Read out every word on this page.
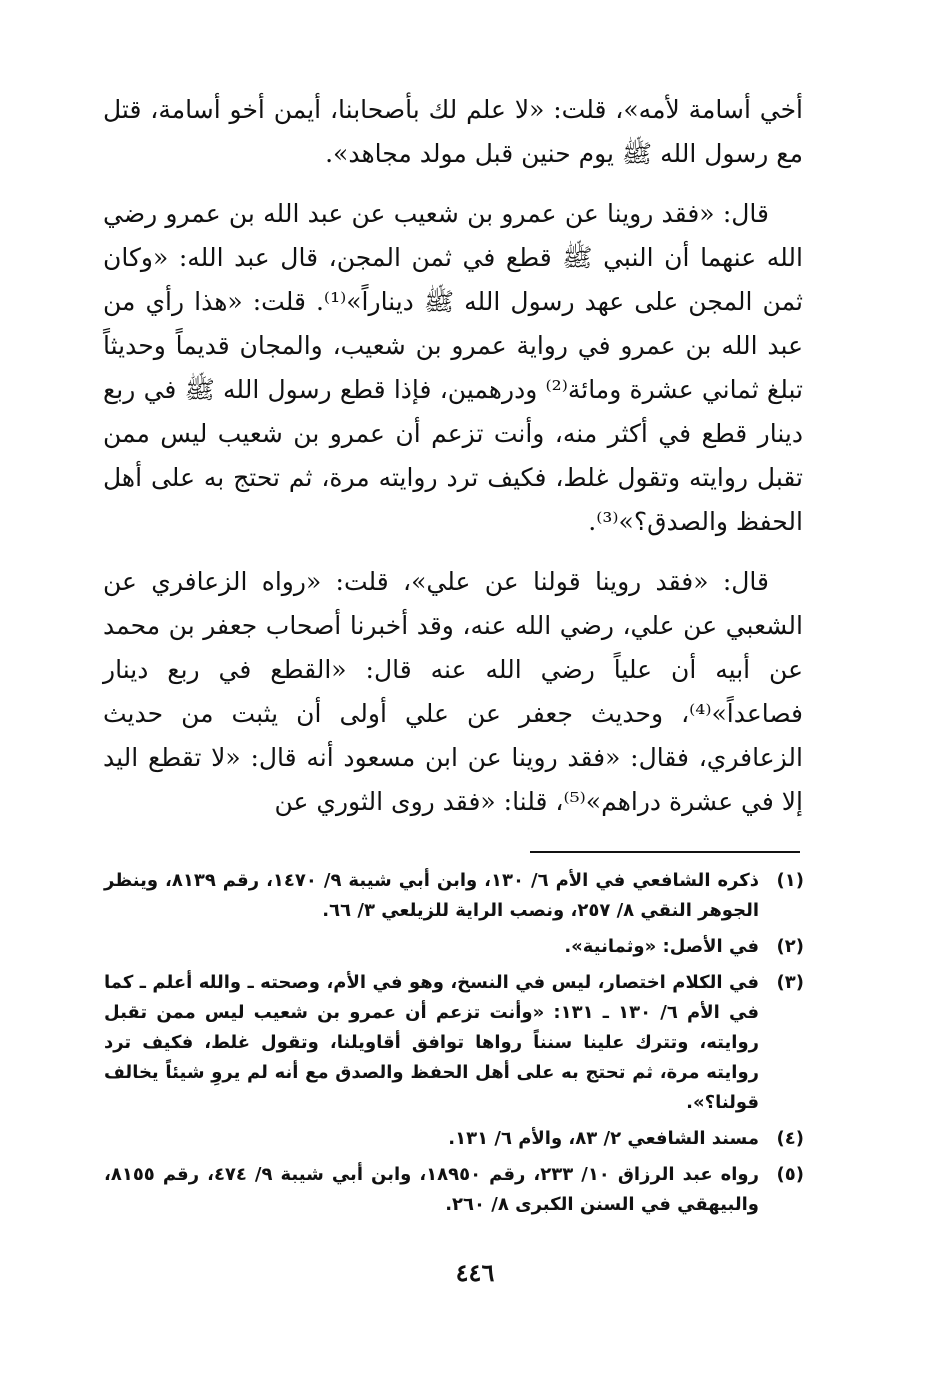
أخي أسامة لأمه»، قلت: «لا علم لك بأصحابنا، أيمن أخو أسامة، قتل مع رسول الله ﷺ يوم حنين قبل مولد مجاهد».
قال: «فقد روينا عن عمرو بن شعيب عن عبد الله بن عمرو رضي الله عنهما أن النبي ﷺ قطع في ثمن المجن، قال عبد الله: «وكان ثمن المجن على عهد رسول الله ﷺ ديناراً»⁽¹⁾. قلت: «هذا رأي من عبد الله بن عمرو في رواية عمرو بن شعيب، والمجان قديماً وحديثاً تبلغ ثماني عشرة ومائة⁽²⁾ ودرهمين، فإذا قطع رسول الله ﷺ في ربع دينار قطع في أكثر منه، وأنت تزعم أن عمرو بن شعيب ليس ممن تقبل روايته وتقول غلط، فكيف ترد روايته مرة، ثم تحتج به على أهل الحفظ والصدق؟»⁽³⁾.
قال: «فقد روينا قولنا عن علي»، قلت: «رواه الزعافري عن الشعبي عن علي، رضي الله عنه، وقد أخبرنا أصحاب جعفر بن محمد عن أبيه أن علياً رضي الله عنه قال: «القطع في ربع دينار فصاعداً»⁽⁴⁾، وحديث جعفر عن علي أولى أن يثبت من حديث الزعافري، فقال: «فقد روينا عن ابن مسعود أنه قال: «لا تقطع اليد إلا في عشرة دراهم»⁽⁵⁾، قلنا: «فقد روى الثوري عن
(١)
ذكره الشافعي في الأم ٦/ ١٣٠، وابن أبي شيبة ٩/ ١٤٧٠، رقم ٨١٣٩، وينظر الجوهر النقي ٨/ ٢٥٧، ونصب الراية للزيلعي ٣/ ٦٦.
(٢)
في الأصل: «وثمانية».
(٣)
في الكلام اختصار، ليس في النسخ، وهو في الأم، وصحته ـ والله أعلم ـ كما في الأم ٦/ ١٣٠ ـ ١٣١: «وأنت تزعم أن عمرو بن شعيب ليس ممن تقبل روايته، وتترك علينا سنناً رواها توافق أقاويلنا، وتقول غلط، فكيف ترد روايته مرة، ثم تحتج به على أهل الحفظ والصدق مع أنه لم يروِ شيئاً يخالف قولنا؟».
(٤)
مسند الشافعي ٢/ ٨٣، والأم ٦/ ١٣١.
(٥)
رواه عبد الرزاق ١٠/ ٢٣٣، رقم ١٨٩٥٠، وابن أبي شيبة ٩/ ٤٧٤، رقم ٨١٥٥، والبيهقي في السنن الكبرى ٨/ ٢٦٠.
٤٤٦
